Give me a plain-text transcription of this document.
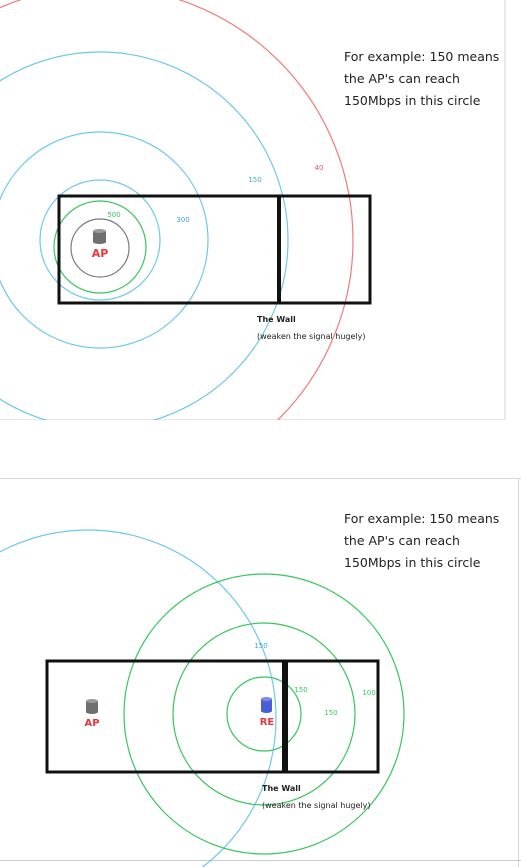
AP
500
300
150
40
The Wall
(weaken the signal hugely)
For example: 150 means
the AP's can reach
150Mbps in this circle
AP	RE
150
150
150
100
The Wall
(weaken the signal hugely)
For example: 150 means
the AP's can reach
150Mbps in this circle
